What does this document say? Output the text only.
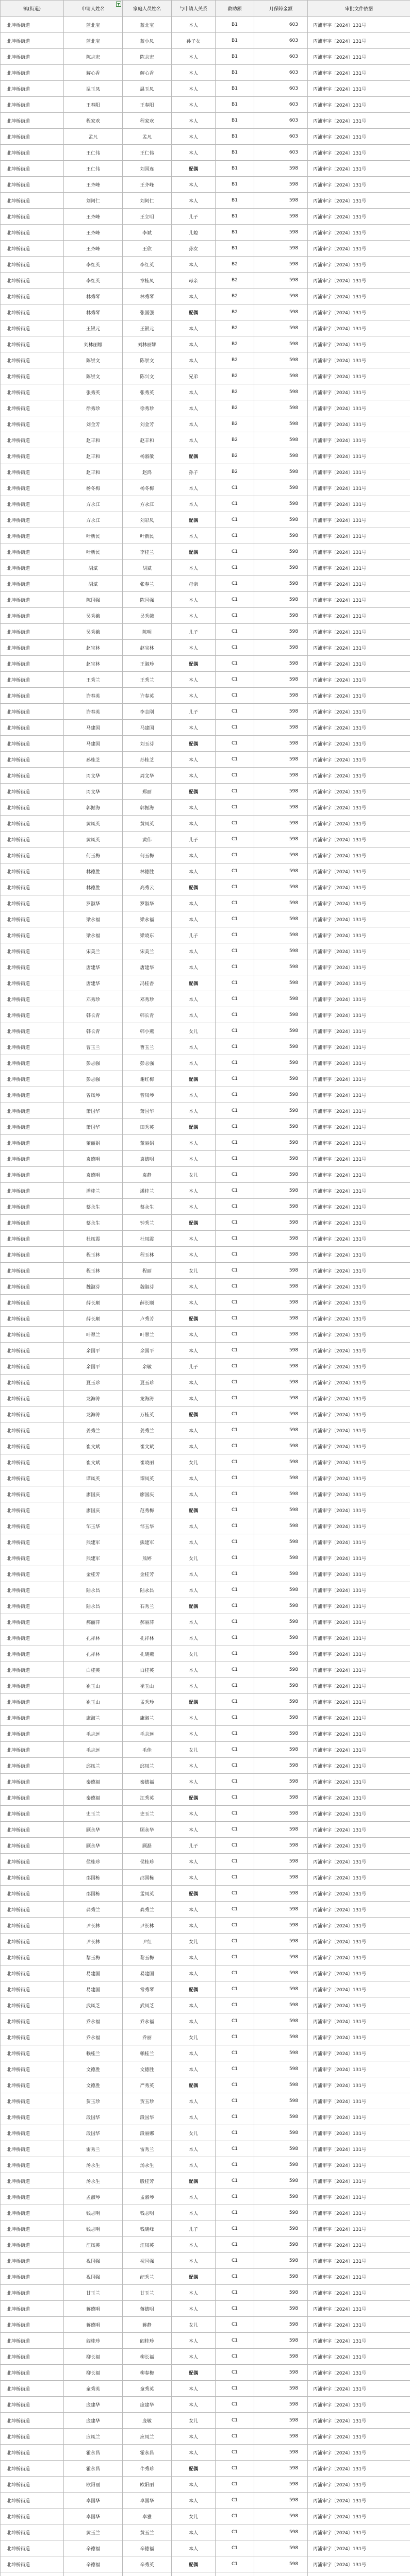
镇(街道)	申请人姓名	家庭人员姓名	与申请人关系	救助额	月保障金额	审批文件依据
北坤桥街道	蓝北宝	蓝北宝	本人	B1	603	丙浦审字〔2024〕131号
北坤桥街道	蓝北宝	蓝小凤	孙子女	B1	603	丙浦审字〔2024〕131号
北坤桥街道	陈志宏	陈志宏	本人	B1	603	丙浦审字〔2024〕131号
北坤桥街道	解心香	解心香	本人	B1	603	丙浦审字〔2024〕131号
北坤桥街道	温玉凤	温玉凤	本人	B1	603	丙浦审字〔2024〕131号
北坤桥街道	王春阳	王春阳	本人	B1	603	丙浦审字〔2024〕131号
北坤桥街道	程家欢	程家欢	本人	B1	603	丙浦审字〔2024〕131号
北坤桥街道	孟凡	孟凡	本人	B1	603	丙浦审字〔2024〕131号
北坤桥街道	王仁伟	王仁伟	本人	B1	603	丙浦审字〔2024〕131号
北坤桥街道	王仁伟	刘国连	配偶	B1	598	丙浦审字〔2024〕131号
北坤桥街道	王齐峰	王齐峰	本人	B1	598	丙浦审字〔2024〕131号
北坤桥街道	刘阿仁	刘阿仁	本人	B1	598	丙浦审字〔2024〕131号
北坤桥街道	王齐峰	王立明	儿子	B1	598	丙浦审字〔2024〕131号
北坤桥街道	王齐峰	李斌	儿媳	B1	598	丙浦审字〔2024〕131号
北坤桥街道	王齐峰	王欣	孙女	B1	598	丙浦审字〔2024〕131号
北坤桥街道	李红英	李红英	本人	B2	598	丙浦审字〔2024〕131号
北坤桥街道	李红英	章桂凤	母亲	B2	598	丙浦审字〔2024〕131号
北坤桥街道	林秀琴	林秀琴	本人	B2	598	丙浦审字〔2024〕131号
北坤桥街道	林秀琴	张国强	配偶	B2	598	丙浦审字〔2024〕131号
北坤桥街道	王银元	王银元	本人	B2	598	丙浦审字〔2024〕131号
北坤桥街道	刘林丽娜	刘林丽娜	本人	B2	598	丙浦审字〔2024〕131号
北坤桥街道	陈崇文	陈崇文	本人	B2	598	丙浦审字〔2024〕131号
北坤桥街道	陈崇文	陈兴文	兄弟	B2	598	丙浦审字〔2024〕131号
北坤桥街道	张秀英	张秀英	本人	B2	598	丙浦审字〔2024〕131号
北坤桥街道	徐秀珍	徐秀珍	本人	B2	598	丙浦审字〔2024〕131号
北坤桥街道	刘金芳	刘金芳	本人	B2	598	丙浦审字〔2024〕131号
北坤桥街道	赵丰和	赵丰和	本人	B2	598	丙浦审字〔2024〕131号
北坤桥街道	赵丰和	杨淑敏	配偶	B2	598	丙浦审字〔2024〕131号
北坤桥街道	赵丰和	赵鸿	孙子	B2	598	丙浦审字〔2024〕131号
北坤桥街道	杨冬梅	杨冬梅	本人	C1	598	丙浦审字〔2024〕131号
北坤桥街道	方永江	方永江	本人	C1	598	丙浦审字〔2024〕131号
北坤桥街道	方永江	刘彩凤	配偶	C1	598	丙浦审字〔2024〕131号
北坤桥街道	叶新民	叶新民	本人	C1	598	丙浦审字〔2024〕131号
北坤桥街道	叶新民	李桂兰	配偶	C1	598	丙浦审字〔2024〕131号
北坤桥街道	胡斌	胡斌	本人	C1	598	丙浦审字〔2024〕131号
北坤桥街道	胡斌	张春兰	母亲	C1	598	丙浦审字〔2024〕131号
北坤桥街道	陈国强	陈国强	本人	C1	598	丙浦审字〔2024〕131号
北坤桥街道	吴秀娥	吴秀娥	本人	C1	598	丙浦审字〔2024〕131号
北坤桥街道	吴秀娥	陈明	儿子	C1	598	丙浦审字〔2024〕131号
北坤桥街道	赵宝林	赵宝林	本人	C1	598	丙浦审字〔2024〕131号
北坤桥街道	赵宝林	王淑珍	配偶	C1	598	丙浦审字〔2024〕131号
北坤桥街道	王秀兰	王秀兰	本人	C1	598	丙浦审字〔2024〕131号
北坤桥街道	许春英	许春英	本人	C1	598	丙浦审字〔2024〕131号
北坤桥街道	许春英	李志刚	儿子	C1	598	丙浦审字〔2024〕131号
北坤桥街道	马建国	马建国	本人	C1	598	丙浦审字〔2024〕131号
北坤桥街道	马建国	刘玉芬	配偶	C1	598	丙浦审字〔2024〕131号
北坤桥街道	孙桂芝	孙桂芝	本人	C1	598	丙浦审字〔2024〕131号
北坤桥街道	周文华	周文华	本人	C1	598	丙浦审字〔2024〕131号
北坤桥街道	周文华	郑丽	配偶	C1	598	丙浦审字〔2024〕131号
北坤桥街道	郭振海	郭振海	本人	C1	598	丙浦审字〔2024〕131号
北坤桥街道	黄凤英	黄凤英	本人	C1	598	丙浦审字〔2024〕131号
北坤桥街道	黄凤英	黄伟	儿子	C1	598	丙浦审字〔2024〕131号
北坤桥街道	何玉梅	何玉梅	本人	C1	598	丙浦审字〔2024〕131号
北坤桥街道	林德胜	林德胜	本人	C1	598	丙浦审字〔2024〕131号
北坤桥街道	林德胜	高秀云	配偶	C1	598	丙浦审字〔2024〕131号
北坤桥街道	罗淑华	罗淑华	本人	C1	598	丙浦审字〔2024〕131号
北坤桥街道	梁永福	梁永福	本人	C1	598	丙浦审字〔2024〕131号
北坤桥街道	梁永福	梁晓东	儿子	C1	598	丙浦审字〔2024〕131号
北坤桥街道	宋美兰	宋美兰	本人	C1	598	丙浦审字〔2024〕131号
北坤桥街道	唐建华	唐建华	本人	C1	598	丙浦审字〔2024〕131号
北坤桥街道	唐建华	冯桂香	配偶	C1	598	丙浦审字〔2024〕131号
北坤桥街道	邓秀珍	邓秀珍	本人	C1	598	丙浦审字〔2024〕131号
北坤桥街道	韩长青	韩长青	本人	C1	598	丙浦审字〔2024〕131号
北坤桥街道	韩长青	韩小燕	女儿	C1	598	丙浦审字〔2024〕131号
北坤桥街道	曹玉兰	曹玉兰	本人	C1	598	丙浦审字〔2024〕131号
北坤桥街道	彭志强	彭志强	本人	C1	598	丙浦审字〔2024〕131号
北坤桥街道	彭志强	谢红梅	配偶	C1	598	丙浦审字〔2024〕131号
北坤桥街道	曾凤琴	曾凤琴	本人	C1	598	丙浦审字〔2024〕131号
北坤桥街道	萧国华	萧国华	本人	C1	598	丙浦审字〔2024〕131号
北坤桥街道	萧国华	田秀英	配偶	C1	598	丙浦审字〔2024〕131号
北坤桥街道	董丽娟	董丽娟	本人	C1	598	丙浦审字〔2024〕131号
北坤桥街道	袁德明	袁德明	本人	C1	598	丙浦审字〔2024〕131号
北坤桥街道	袁德明	袁静	女儿	C1	598	丙浦审字〔2024〕131号
北坤桥街道	潘桂兰	潘桂兰	本人	C1	598	丙浦审字〔2024〕131号
北坤桥街道	蔡永生	蔡永生	本人	C1	598	丙浦审字〔2024〕131号
北坤桥街道	蔡永生	钟秀兰	配偶	C1	598	丙浦审字〔2024〕131号
北坤桥街道	杜凤霞	杜凤霞	本人	C1	598	丙浦审字〔2024〕131号
北坤桥街道	程玉林	程玉林	本人	C1	598	丙浦审字〔2024〕131号
北坤桥街道	程玉林	程丽	女儿	C1	598	丙浦审字〔2024〕131号
北坤桥街道	魏淑芬	魏淑芬	本人	C1	598	丙浦审字〔2024〕131号
北坤桥街道	薛长顺	薛长顺	本人	C1	598	丙浦审字〔2024〕131号
北坤桥街道	薛长顺	卢秀芳	配偶	C1	598	丙浦审字〔2024〕131号
北坤桥街道	叶翠兰	叶翠兰	本人	C1	598	丙浦审字〔2024〕131号
北坤桥街道	余国平	余国平	本人	C1	598	丙浦审字〔2024〕131号
北坤桥街道	余国平	余敏	儿子	C1	598	丙浦审字〔2024〕131号
北坤桥街道	夏玉珍	夏玉珍	本人	C1	598	丙浦审字〔2024〕131号
北坤桥街道	龙海涛	龙海涛	本人	C1	598	丙浦审字〔2024〕131号
北坤桥街道	龙海涛	万桂英	配偶	C1	598	丙浦审字〔2024〕131号
北坤桥街道	姜秀兰	姜秀兰	本人	C1	598	丙浦审字〔2024〕131号
北坤桥街道	崔文斌	崔文斌	本人	C1	598	丙浦审字〔2024〕131号
北坤桥街道	崔文斌	崔晓丽	女儿	C1	598	丙浦审字〔2024〕131号
北坤桥街道	谭凤英	谭凤英	本人	C1	598	丙浦审字〔2024〕131号
北坤桥街道	廖国庆	廖国庆	本人	C1	598	丙浦审字〔2024〕131号
北坤桥街道	廖国庆	范秀梅	配偶	C1	598	丙浦审字〔2024〕131号
北坤桥街道	邹玉华	邹玉华	本人	C1	598	丙浦审字〔2024〕131号
北坤桥街道	熊建军	熊建军	本人	C1	598	丙浦审字〔2024〕131号
北坤桥街道	熊建军	熊婷	女儿	C1	598	丙浦审字〔2024〕131号
北坤桥街道	金桂芳	金桂芳	本人	C1	598	丙浦审字〔2024〕131号
北坤桥街道	陆永昌	陆永昌	本人	C1	598	丙浦审字〔2024〕131号
北坤桥街道	陆永昌	石秀兰	配偶	C1	598	丙浦审字〔2024〕131号
北坤桥街道	郝丽萍	郝丽萍	本人	C1	598	丙浦审字〔2024〕131号
北坤桥街道	孔祥林	孔祥林	本人	C1	598	丙浦审字〔2024〕131号
北坤桥街道	孔祥林	孔晓燕	女儿	C1	598	丙浦审字〔2024〕131号
北坤桥街道	白桂英	白桂英	本人	C1	598	丙浦审字〔2024〕131号
北坤桥街道	崔玉山	崔玉山	本人	C1	598	丙浦审字〔2024〕131号
北坤桥街道	崔玉山	孟秀珍	配偶	C1	598	丙浦审字〔2024〕131号
北坤桥街道	康淑兰	康淑兰	本人	C1	598	丙浦审字〔2024〕131号
北坤桥街道	毛志远	毛志远	本人	C1	598	丙浦审字〔2024〕131号
北坤桥街道	毛志远	毛佳	女儿	C1	598	丙浦审字〔2024〕131号
北坤桥街道	邱凤兰	邱凤兰	本人	C1	598	丙浦审字〔2024〕131号
北坤桥街道	秦德福	秦德福	本人	C1	598	丙浦审字〔2024〕131号
北坤桥街道	秦德福	江秀英	配偶	C1	598	丙浦审字〔2024〕131号
北坤桥街道	史玉兰	史玉兰	本人	C1	598	丙浦审字〔2024〕131号
北坤桥街道	顾永华	顾永华	本人	C1	598	丙浦审字〔2024〕131号
北坤桥街道	顾永华	顾磊	儿子	C1	598	丙浦审字〔2024〕131号
北坤桥街道	侯桂珍	侯桂珍	本人	C1	598	丙浦审字〔2024〕131号
北坤桥街道	邵国栋	邵国栋	本人	C1	598	丙浦审字〔2024〕131号
北坤桥街道	邵国栋	孟凤英	配偶	C1	598	丙浦审字〔2024〕131号
北坤桥街道	龚秀兰	龚秀兰	本人	C1	598	丙浦审字〔2024〕131号
北坤桥街道	尹长林	尹长林	本人	C1	598	丙浦审字〔2024〕131号
北坤桥街道	尹长林	尹红	女儿	C1	598	丙浦审字〔2024〕131号
北坤桥街道	黎玉梅	黎玉梅	本人	C1	598	丙浦审字〔2024〕131号
北坤桥街道	易建国	易建国	本人	C1	598	丙浦审字〔2024〕131号
北坤桥街道	易建国	常秀琴	配偶	C1	598	丙浦审字〔2024〕131号
北坤桥街道	武凤芝	武凤芝	本人	C1	598	丙浦审字〔2024〕131号
北坤桥街道	乔永福	乔永福	本人	C1	598	丙浦审字〔2024〕131号
北坤桥街道	乔永福	乔丽	女儿	C1	598	丙浦审字〔2024〕131号
北坤桥街道	赖桂兰	赖桂兰	本人	C1	598	丙浦审字〔2024〕131号
北坤桥街道	文德胜	文德胜	本人	C1	598	丙浦审字〔2024〕131号
北坤桥街道	文德胜	严秀英	配偶	C1	598	丙浦审字〔2024〕131号
北坤桥街道	贺玉珍	贺玉珍	本人	C1	598	丙浦审字〔2024〕131号
北坤桥街道	段国华	段国华	本人	C1	598	丙浦审字〔2024〕131号
北坤桥街道	段国华	段丽娜	女儿	C1	598	丙浦审字〔2024〕131号
北坤桥街道	雷秀兰	雷秀兰	本人	C1	598	丙浦审字〔2024〕131号
北坤桥街道	汤永生	汤永生	本人	C1	598	丙浦审字〔2024〕131号
北坤桥街道	汤永生	殷桂芳	配偶	C1	598	丙浦审字〔2024〕131号
北坤桥街道	孟淑琴	孟淑琴	本人	C1	598	丙浦审字〔2024〕131号
北坤桥街道	钱志明	钱志明	本人	C1	598	丙浦审字〔2024〕131号
北坤桥街道	钱志明	钱晓峰	儿子	C1	598	丙浦审字〔2024〕131号
北坤桥街道	汪凤英	汪凤英	本人	C1	598	丙浦审字〔2024〕131号
北坤桥街道	祝国强	祝国强	本人	C1	598	丙浦审字〔2024〕131号
北坤桥街道	祝国强	纪秀兰	配偶	C1	598	丙浦审字〔2024〕131号
北坤桥街道	甘玉兰	甘玉兰	本人	C1	598	丙浦审字〔2024〕131号
北坤桥街道	蒋德明	蒋德明	本人	C1	598	丙浦审字〔2024〕131号
北坤桥街道	蒋德明	蒋静	女儿	C1	598	丙浦审字〔2024〕131号
北坤桥街道	阎桂珍	阎桂珍	本人	C1	598	丙浦审字〔2024〕131号
北坤桥街道	柳长福	柳长福	本人	C1	598	丙浦审字〔2024〕131号
北坤桥街道	柳长福	柳春梅	配偶	C1	598	丙浦审字〔2024〕131号
北坤桥街道	童秀英	童秀英	本人	C1	598	丙浦审字〔2024〕131号
北坤桥街道	庞建华	庞建华	本人	C1	598	丙浦审字〔2024〕131号
北坤桥街道	庞建华	庞敏	女儿	C1	598	丙浦审字〔2024〕131号
北坤桥街道	应凤兰	应凤兰	本人	C1	598	丙浦审字〔2024〕131号
北坤桥街道	霍永昌	霍永昌	本人	C1	598	丙浦审字〔2024〕131号
北坤桥街道	霍永昌	牛秀珍	配偶	C1	598	丙浦审字〔2024〕131号
北坤桥街道	欧阳丽	欧阳丽	本人	C1	598	丙浦审字〔2024〕131号
北坤桥街道	卓国华	卓国华	本人	C1	598	丙浦审字〔2024〕131号
北坤桥街道	卓国华	卓雅	女儿	C1	598	丙浦审字〔2024〕131号
北坤桥街道	黄玉兰	黄玉兰	本人	C1	598	丙浦审字〔2024〕131号
北坤桥街道	辛德福	辛德福	本人	C1	598	丙浦审字〔2024〕131号
北坤桥街道	辛德福	辛秀英	配偶	C1	598	丙浦审字〔2024〕131号
